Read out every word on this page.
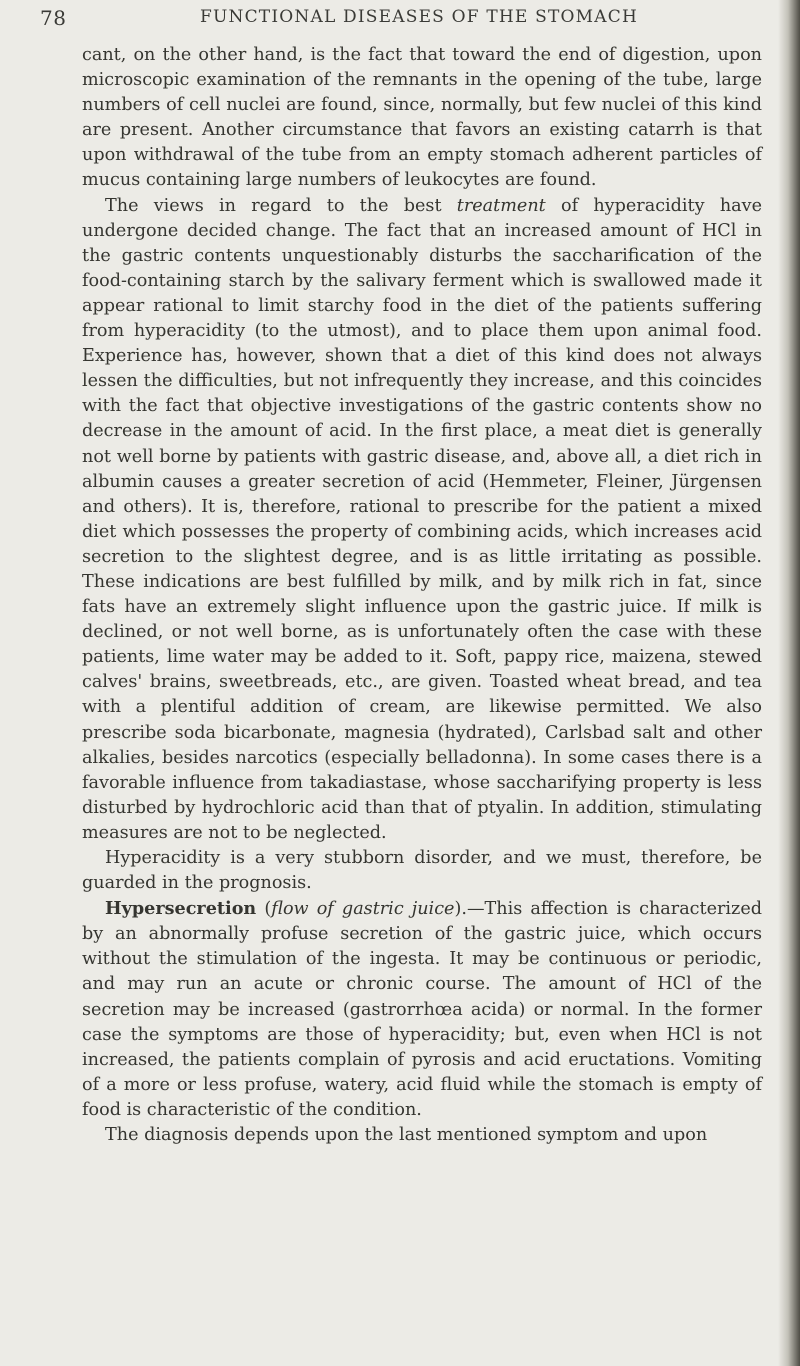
78	FUNCTIONAL DISEASES OF THE STOMACH

cant, on the other hand, is the fact that toward the end of digestion, upon microscopic examination of the remnants in the opening of the tube, large numbers of cell nuclei are found, since, normally, but few nuclei of this kind are present. Another circumstance that favors an existing catarrh is that upon withdrawal of the tube from an empty stomach adherent particles of mucus containing large numbers of leukocytes are found.

The views in regard to the best treatment of hyperacidity have undergone decided change. The fact that an increased amount of HCl in the gastric contents unquestionably disturbs the saccharification of the food-containing starch by the salivary ferment which is swallowed made it appear rational to limit starchy food in the diet of the patients suffering from hyperacidity (to the utmost), and to place them upon animal food. Experience has, however, shown that a diet of this kind does not always lessen the difficulties, but not infrequently they increase, and this coincides with the fact that objective investigations of the gastric contents show no decrease in the amount of acid. In the first place, a meat diet is generally not well borne by patients with gastric disease, and, above all, a diet rich in albumin causes a greater secretion of acid (Hemmeter, Fleiner, Jürgensen and others). It is, therefore, rational to prescribe for the patient a mixed diet which possesses the property of combining acids, which increases acid secretion to the slightest degree, and is as little irritating as possible. These indications are best fulfilled by milk, and by milk rich in fat, since fats have an extremely slight influence upon the gastric juice. If milk is declined, or not well borne, as is unfortunately often the case with these patients, lime water may be added to it. Soft, pappy rice, maizena, stewed calves' brains, sweetbreads, etc., are given. Toasted wheat bread, and tea with a plentiful addition of cream, are likewise permitted. We also prescribe soda bicarbonate, magnesia (hydrated), Carlsbad salt and other alkalies, besides narcotics (especially belladonna). In some cases there is a favorable influence from takadiastase, whose saccharifying property is less disturbed by hydrochloric acid than that of ptyalin. In addition, stimulating measures are not to be neglected.

Hyperacidity is a very stubborn disorder, and we must, therefore, be guarded in the prognosis.

Hypersecretion (flow of gastric juice).—This affection is characterized by an abnormally profuse secretion of the gastric juice, which occurs without the stimulation of the ingesta. It may be continuous or periodic, and may run an acute or chronic course. The amount of HCl of the secretion may be increased (gastrorrhœa acida) or normal. In the former case the symptoms are those of hyperacidity; but, even when HCl is not increased, the patients complain of pyrosis and acid eructations. Vomiting of a more or less profuse, watery, acid fluid while the stomach is empty of food is characteristic of the condition.

The diagnosis depends upon the last mentioned symptom and upon
